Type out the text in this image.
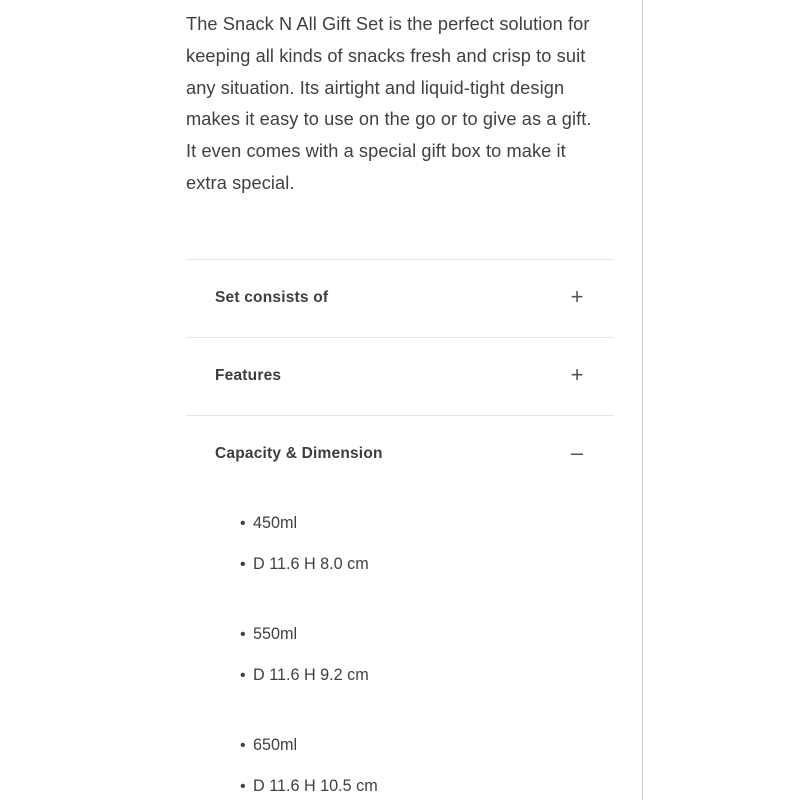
The Snack N All Gift Set is the perfect solution for
keeping all kinds of snacks fresh and crisp to suit
any situation. Its airtight and liquid-tight design
makes it easy to use on the go or to give as a gift.
It even comes with a special gift box to make it
extra special.

Set consists of	+
Features	+
Capacity & Dimension	–
• 450ml
• D 11.6 H 8.0 cm
• 550ml
• D 11.6 H 9.2 cm
• 650ml
• D 11.6 H 10.5 cm
